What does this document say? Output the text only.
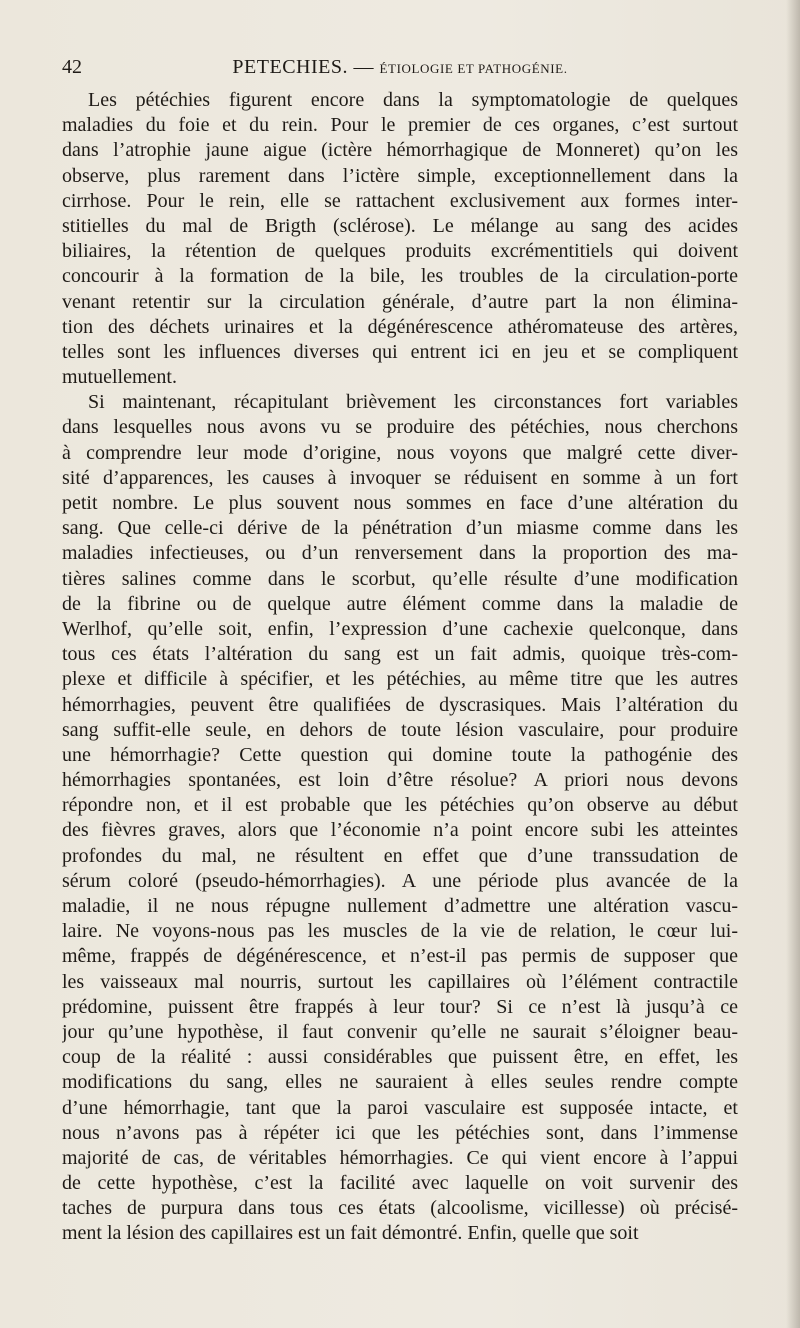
42	PETECHIES. — ÉTIOLOGIE ET PATHOGÉNIE.
Les pétéchies figurent encore dans la symptomatologie de quelques
maladies du foie et du rein. Pour le premier de ces organes, c’est surtout
dans l’atrophie jaune aigue (ictère hémorrhagique de Monneret) qu’on les
observe, plus rarement dans l’ictère simple, exceptionnellement dans la
cirrhose. Pour le rein, elle se rattachent exclusivement aux formes inter-
stitielles du mal de Brigth (sclérose). Le mélange au sang des acides
biliaires, la rétention de quelques produits excrémentitiels qui doivent
concourir à la formation de la bile, les troubles de la circulation-porte
venant retentir sur la circulation générale, d’autre part la non élimina-
tion des déchets urinaires et la dégénérescence athéromateuse des artères,
telles sont les influences diverses qui entrent ici en jeu et se compliquent
mutuellement.
Si maintenant, récapitulant brièvement les circonstances fort variables
dans lesquelles nous avons vu se produire des pétéchies, nous cherchons
à comprendre leur mode d’origine, nous voyons que malgré cette diver-
sité d’apparences, les causes à invoquer se réduisent en somme à un fort
petit nombre. Le plus souvent nous sommes en face d’une altération du
sang. Que celle-ci dérive de la pénétration d’un miasme comme dans les
maladies infectieuses, ou d’un renversement dans la proportion des ma-
tières salines comme dans le scorbut, qu’elle résulte d’une modification
de la fibrine ou de quelque autre élément comme dans la maladie de
Werlhof, qu’elle soit, enfin, l’expression d’une cachexie quelconque, dans
tous ces états l’altération du sang est un fait admis, quoique très-com-
plexe et difficile à spécifier, et les pétéchies, au même titre que les autres
hémorrhagies, peuvent être qualifiées de dyscrasiques. Mais l’altération du
sang suffit-elle seule, en dehors de toute lésion vasculaire, pour produire
une hémorrhagie? Cette question qui domine toute la pathogénie des
hémorrhagies spontanées, est loin d’être résolue? A priori nous devons
répondre non, et il est probable que les pétéchies qu’on observe au début
des fièvres graves, alors que l’économie n’a point encore subi les atteintes
profondes du mal, ne résultent en effet que d’une transsudation de
sérum coloré (pseudo-hémorrhagies). A une période plus avancée de la
maladie, il ne nous répugne nullement d’admettre une altération vascu-
laire. Ne voyons-nous pas les muscles de la vie de relation, le cœur lui-
même, frappés de dégénérescence, et n’est-il pas permis de supposer que
les vaisseaux mal nourris, surtout les capillaires où l’élément contractile
prédomine, puissent être frappés à leur tour? Si ce n’est là jusqu’à ce
jour qu’une hypothèse, il faut convenir qu’elle ne saurait s’éloigner beau-
coup de la réalité : aussi considérables que puissent être, en effet, les
modifications du sang, elles ne sauraient à elles seules rendre compte
d’une hémorrhagie, tant que la paroi vasculaire est supposée intacte, et
nous n’avons pas à répéter ici que les pétéchies sont, dans l’immense
majorité de cas, de véritables hémorrhagies. Ce qui vient encore à l’appui
de cette hypothèse, c’est la facilité avec laquelle on voit survenir des
taches de purpura dans tous ces états (alcoolisme, vicillesse) où précisé-
ment la lésion des capillaires est un fait démontré. Enfin, quelle que soit
